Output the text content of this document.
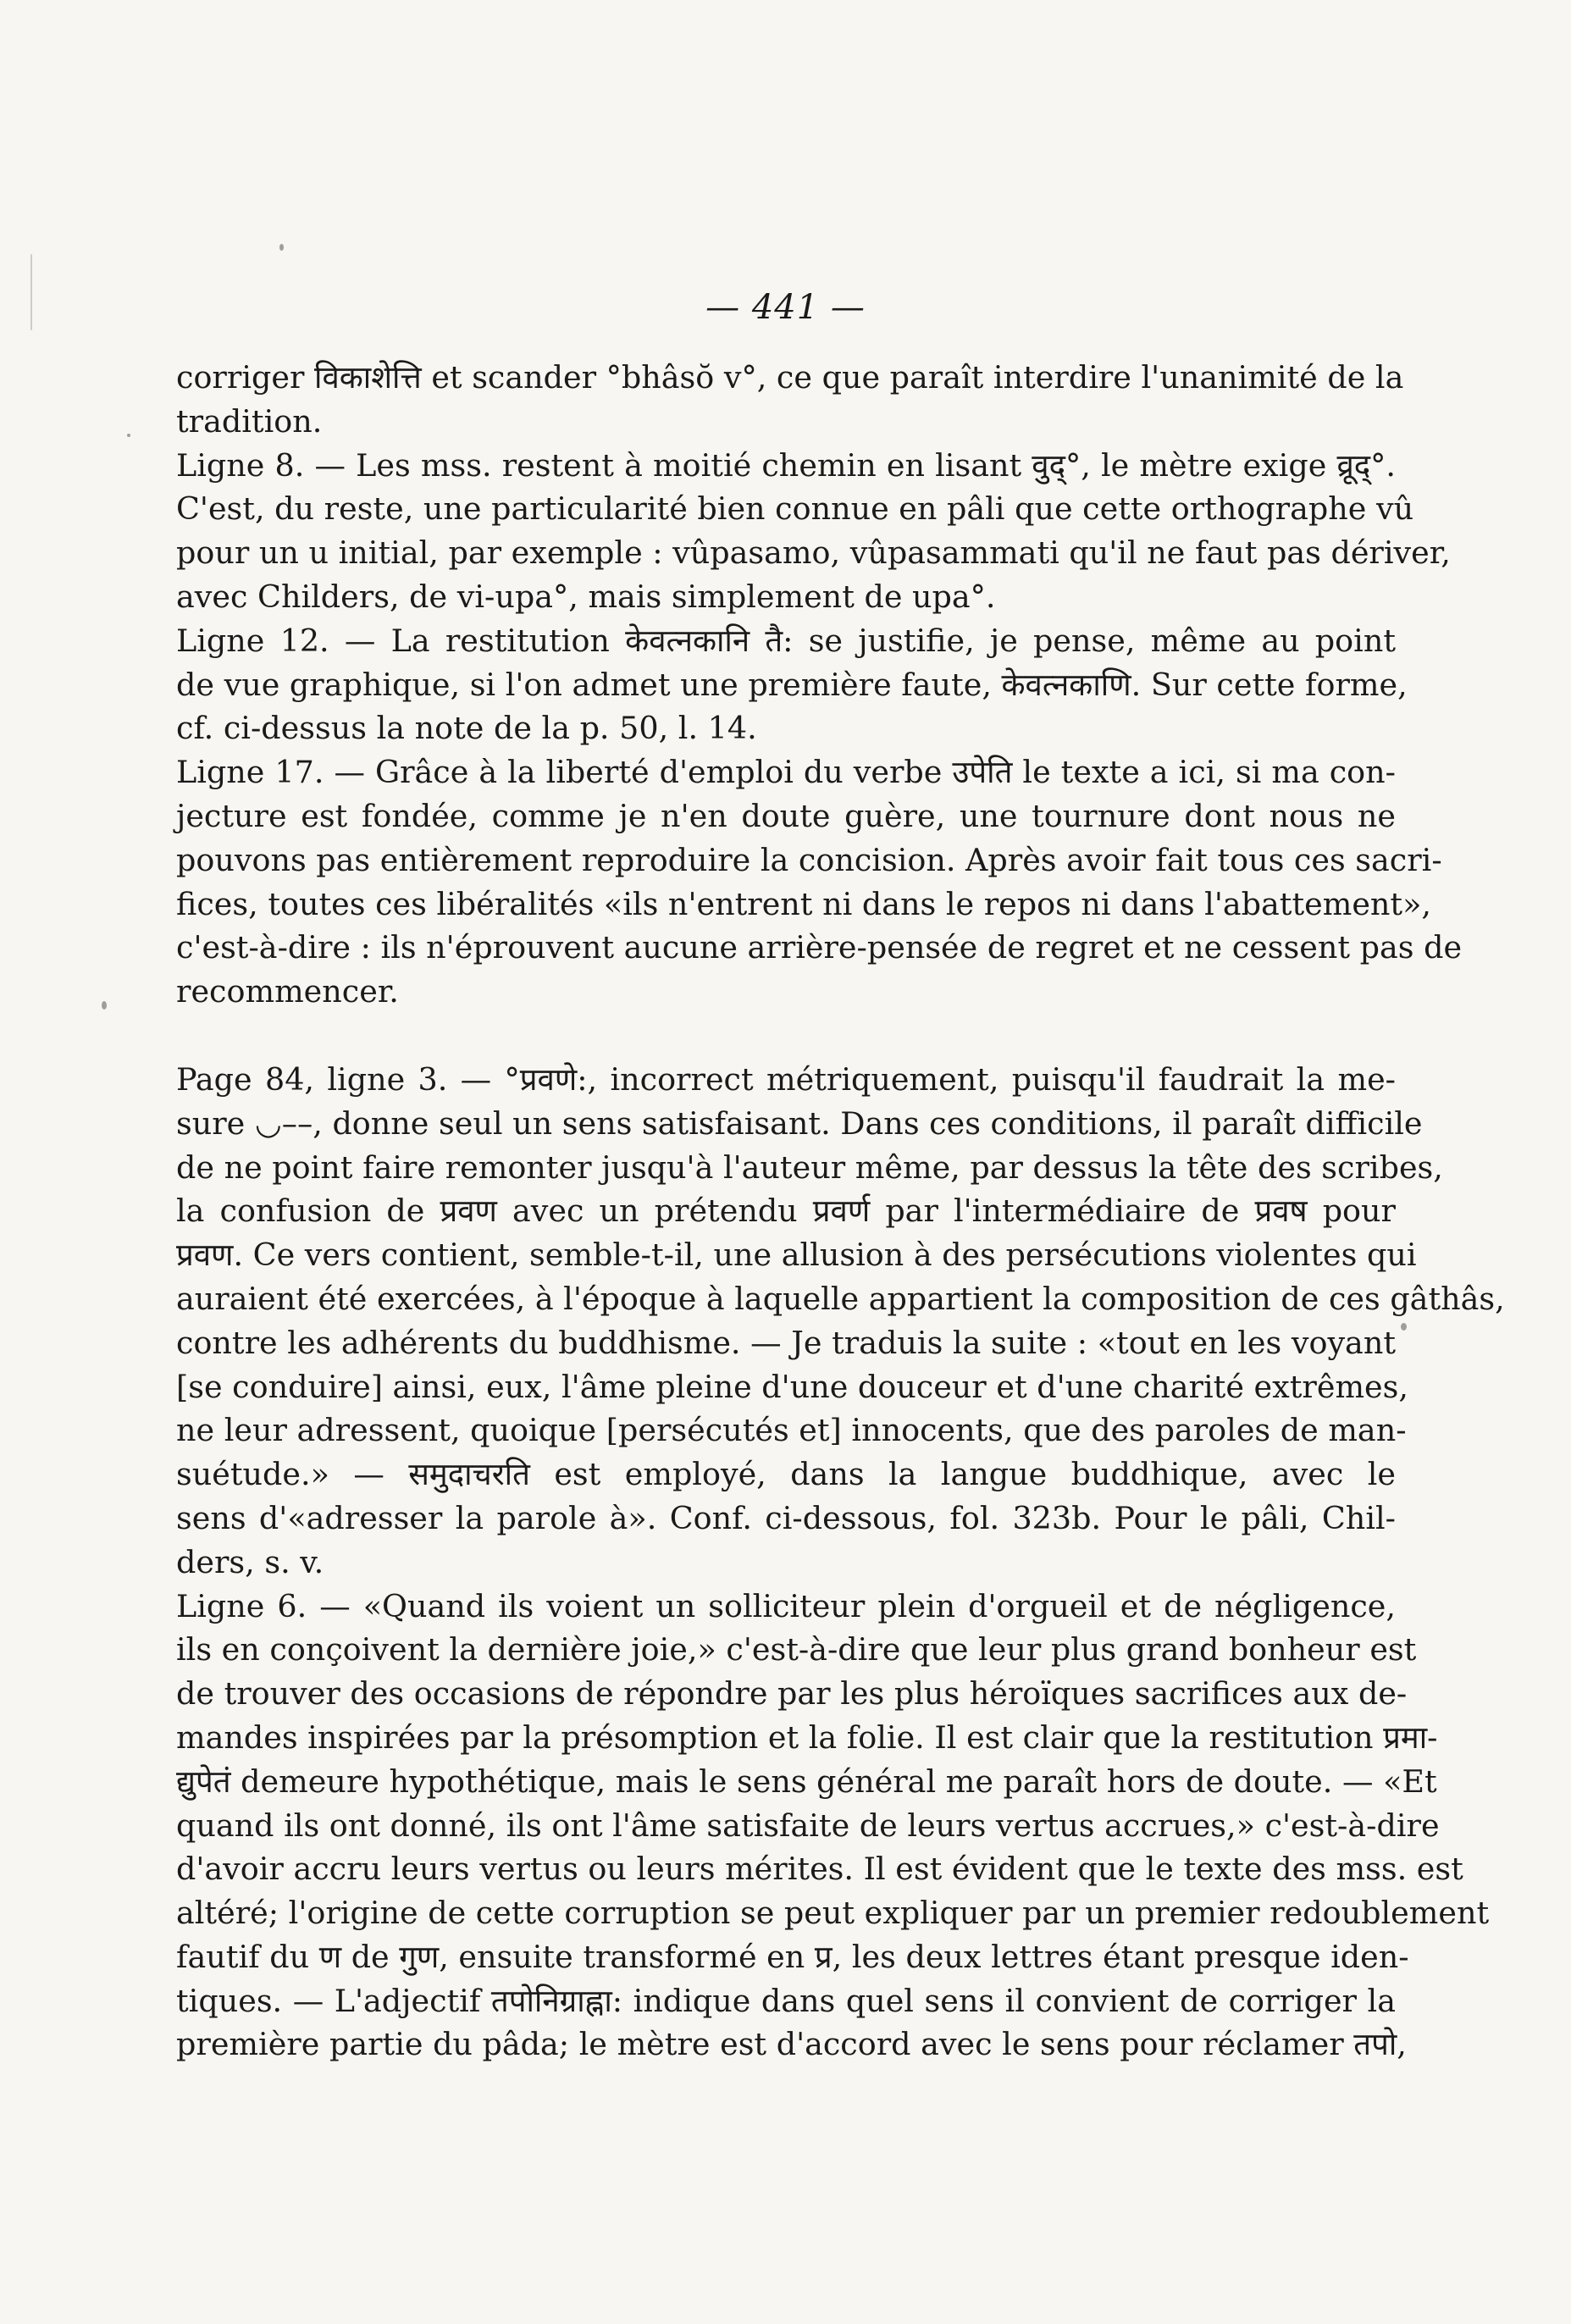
— 441 —
corriger विकाशेत्ति et scander °bhâsŏ v°, ce que paraît interdire l'unanimité de la
tradition.
Ligne 8. — Les mss. restent à moitié chemin en lisant वुद्°, le mètre exige व्रूद्°.
C'est, du reste, une particularité bien connue en pâli que cette orthographe vû
pour un u initial, par exemple : vûpasamo, vûpasammati qu'il ne faut pas dériver,
avec Childers, de vi-upa°, mais simplement de upa°.
Ligne 12. — La restitution केवत्नकानि तै: se justifie, je pense, même au point
de vue graphique, si l'on admet une première faute, केवत्नकाणि. Sur cette forme,
cf. ci-dessus la note de la p. 50, l. 14.
Ligne 17. — Grâce à la liberté d'emploi du verbe उपेति le texte a ici, si ma con-
jecture est fondée, comme je n'en doute guère, une tournure dont nous ne
pouvons pas entièrement reproduire la concision. Après avoir fait tous ces sacri-
fices, toutes ces libéralités «ils n'entrent ni dans le repos ni dans l'abattement»,
c'est-à-dire : ils n'éprouvent aucune arrière-pensée de regret et ne cessent pas de
recommencer.
Page 84, ligne 3. — °प्रवणे:, incorrect métriquement, puisqu'il faudrait la me-
sure ◡––, donne seul un sens satisfaisant. Dans ces conditions, il paraît difficile
de ne point faire remonter jusqu'à l'auteur même, par dessus la tête des scribes,
la confusion de प्रवण avec un prétendu प्रवर्ण par l'intermédiaire de प्रवष pour
प्रवण. Ce vers contient, semble-t-il, une allusion à des persécutions violentes qui
auraient été exercées, à l'époque à laquelle appartient la composition de ces gâthâs,
contre les adhérents du buddhisme. — Je traduis la suite : «tout en les voyant
[se conduire] ainsi, eux, l'âme pleine d'une douceur et d'une charité extrêmes,
ne leur adressent, quoique [persécutés et] innocents, que des paroles de man-
suétude.» — समुदाचरति est employé, dans la langue buddhique, avec le
sens d'«adresser la parole à». Conf. ci-dessous, fol. 323b. Pour le pâli, Chil-
ders, s. v.
Ligne 6. — «Quand ils voient un solliciteur plein d'orgueil et de négligence,
ils en conçoivent la dernière joie,» c'est-à-dire que leur plus grand bonheur est
de trouver des occasions de répondre par les plus héroïques sacrifices aux de-
mandes inspirées par la présomption et la folie. Il est clair que la restitution प्रमा-
द्युपेतं demeure hypothétique, mais le sens général me paraît hors de doute. — «Et
quand ils ont donné, ils ont l'âme satisfaite de leurs vertus accrues,» c'est-à-dire
d'avoir accru leurs vertus ou leurs mérites. Il est évident que le texte des mss. est
altéré; l'origine de cette corruption se peut expliquer par un premier redoublement
fautif du ण de गुण, ensuite transformé en प्र, les deux lettres étant presque iden-
tiques. — L'adjectif तपोनिग्राह्ना: indique dans quel sens il convient de corriger la
première partie du pâda; le mètre est d'accord avec le sens pour réclamer तपो,
